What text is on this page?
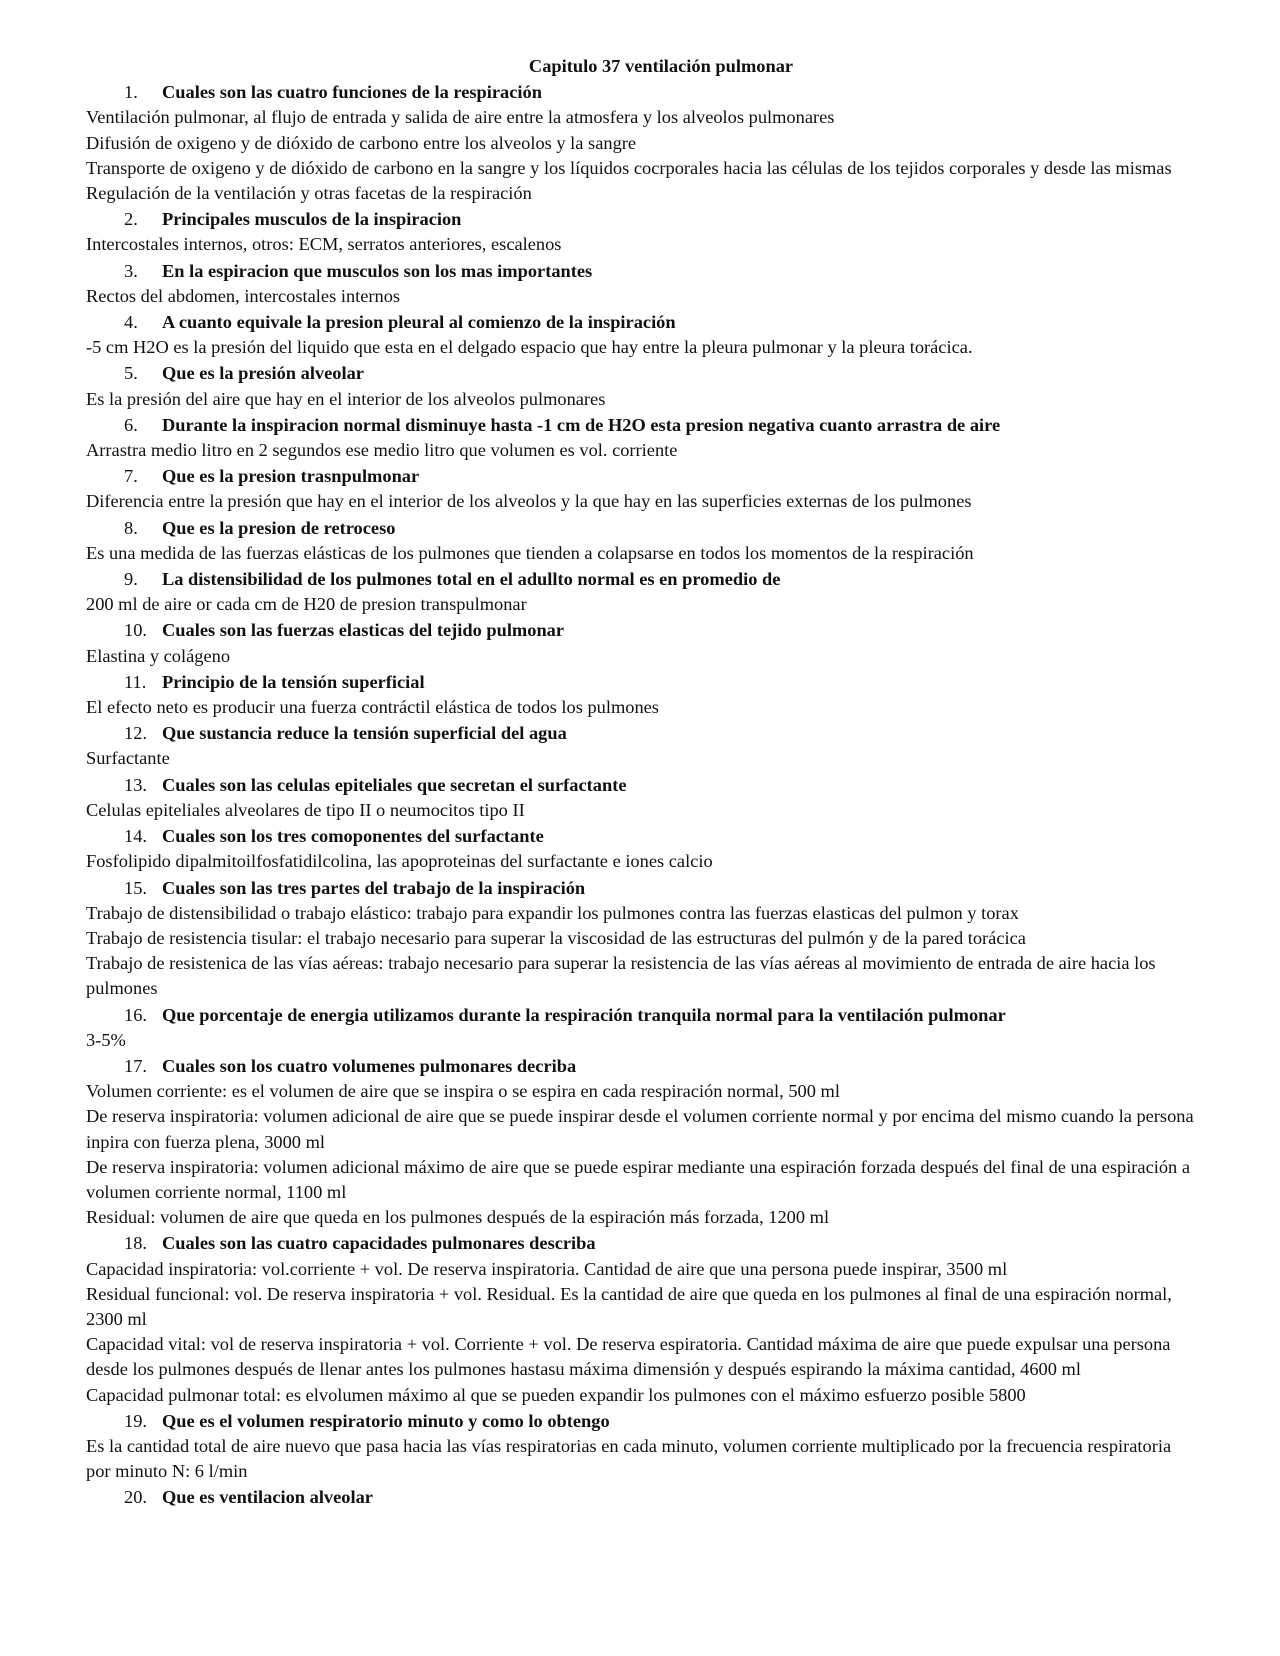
Capitulo 37 ventilación pulmonar
1. Cuales son las cuatro funciones de la respiración
Ventilación pulmonar, al flujo de entrada y salida de aire entre la atmosfera y los alveolos pulmonares
Difusión de oxigeno y de dióxido de carbono entre los alveolos y la sangre
Transporte de oxigeno y de dióxido de carbono en la sangre y los líquidos cocrporales hacia las células de los tejidos corporales y desde las mismas
Regulación de la ventilación y otras facetas de la respiración
2. Principales musculos de la inspiracion
Intercostales internos, otros: ECM, serratos anteriores, escalenos
3. En la espiracion que musculos son los mas importantes
Rectos del abdomen, intercostales internos
4. A cuanto equivale la presion pleural al comienzo de la inspiración
-5 cm H2O es la presión del liquido que esta en el delgado espacio que hay entre la pleura pulmonar y la pleura torácica.
5. Que es la presión alveolar
Es la presión del aire que hay en el interior de los alveolos pulmonares
6. Durante la inspiracion normal disminuye hasta -1 cm de H2O esta presion negativa cuanto arrastra de aire
Arrastra medio litro en 2 segundos ese medio litro que volumen es vol. corriente
7. Que es la presion trasnpulmonar
Diferencia entre la presión que hay en el interior de los alveolos y la que hay en las superficies externas de los pulmones
8. Que es la presion de retroceso
Es una medida de las fuerzas elásticas de los pulmones que tienden a colapsarse en todos los momentos de la respiración
9. La distensibilidad de los pulmones total en el adullto normal es en promedio de
200 ml de aire or cada cm de H20 de presion transpulmonar
10. Cuales son las fuerzas elasticas del tejido pulmonar
Elastina y colágeno
11. Principio de la tensión superficial
El efecto neto es producir una fuerza contráctil elástica de todos los pulmones
12. Que sustancia reduce la tensión superficial del agua
Surfactante
13. Cuales son las celulas epiteliales que secretan el surfactante
Celulas epiteliales alveolares de tipo II o neumocitos tipo II
14. Cuales son los tres comoponentes del surfactante
Fosfolipido dipalmitoilfosfatidilcolina, las apoproteinas del surfactante e iones calcio
15. Cuales son las tres partes del trabajo de la inspiración
Trabajo de distensibilidad o trabajo elástico: trabajo para expandir los pulmones contra las fuerzas elasticas del pulmon y torax
Trabajo de resistencia tisular: el trabajo necesario para superar la viscosidad de las estructuras del pulmón y de la pared torácica
Trabajo de resistenica de las vías aéreas: trabajo necesario para superar la resistencia de las vías aéreas al movimiento de entrada de aire hacia los pulmones
16. Que porcentaje de energia utilizamos durante la respiración tranquila normal para la ventilación pulmonar
3-5%
17. Cuales son los cuatro volumenes pulmonares decriba
Volumen corriente: es el volumen de aire que se inspira o se espira en cada respiración normal, 500 ml
De reserva inspiratoria: volumen adicional de aire que se puede inspirar desde el volumen corriente normal y por encima del mismo cuando la persona inpira con fuerza plena, 3000 ml
De reserva inspiratoria: volumen adicional máximo de aire que se puede espirar mediante una espiración forzada después del final de una espiración a volumen corriente normal, 1100 ml
Residual: volumen de aire que queda en los pulmones después de la espiración más forzada, 1200 ml
18. Cuales son las cuatro capacidades pulmonares describa
Capacidad inspiratoria: vol.corriente + vol. De reserva inspiratoria. Cantidad de aire que una persona puede inspirar, 3500 ml
Residual funcional: vol. De reserva inspiratoria + vol. Residual. Es la cantidad de aire que queda en los pulmones al final de una espiración normal, 2300 ml
Capacidad vital: vol de reserva inspiratoria + vol. Corriente + vol. De reserva espiratoria. Cantidad máxima de aire que puede expulsar una persona desde los pulmones después de llenar antes los pulmones hastasu máxima dimensión y después espirando la máxima cantidad, 4600 ml
Capacidad pulmonar total: es elvolumen máximo al que se pueden expandir los pulmones con el máximo esfuerzo posible 5800
19. Que es el volumen respiratorio minuto y como lo obtengo
Es la cantidad total de aire nuevo que pasa hacia las vías respiratorias en cada minuto, volumen corriente multiplicado por la frecuencia respiratoria por minuto N: 6 l/min
20. Que es ventilacion alveolar
